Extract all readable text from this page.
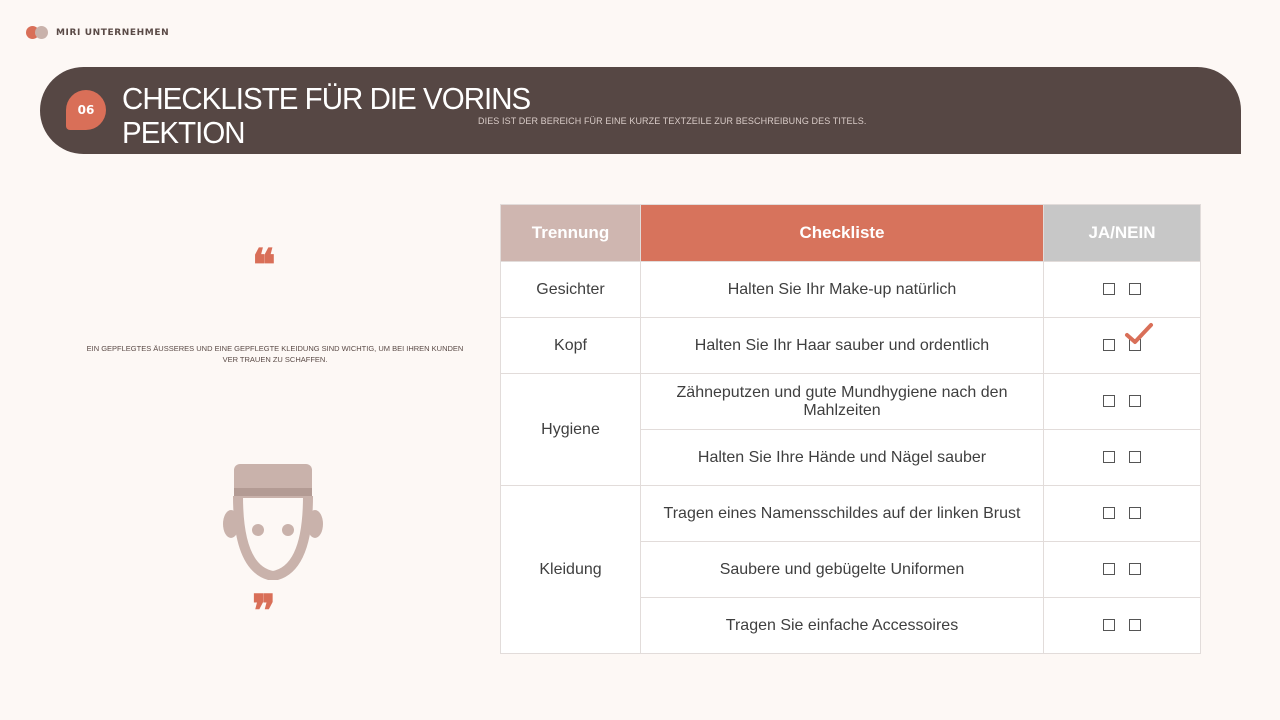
MIRI UNTERNEHMEN
06 CHECKLISTE FÜR DIE VORINS PEKTION	DIES IST DER BEREICH FÜR EINE KURZE TEXTZEILE ZUR BESCHREIBUNG DES TITELS.
❝
EIN GEPFLEGTES ÄUSSERES UND EINE GEPFLEGTE KLEIDUNG SIND WICHTIG, UM BEI IHREN KUNDEN VER TRAUEN ZU SCHAFFEN.
❞
Trennung	Checkliste	JA/NEIN
Gesichter	Halten Sie Ihr Make-up natürlich	
Kopf	Halten Sie Ihr Haar sauber und ordentlich	

Hygiene	Zähneputzen und gute Mundhygiene nach den Mahlzeiten	
	Halten Sie Ihre Hände und Nägel sauber	
Kleidung	Tragen eines Namensschildes auf der linken Brust	
	Saubere und gebügelte Uniformen	
	Tragen Sie einfache Accessoires	
